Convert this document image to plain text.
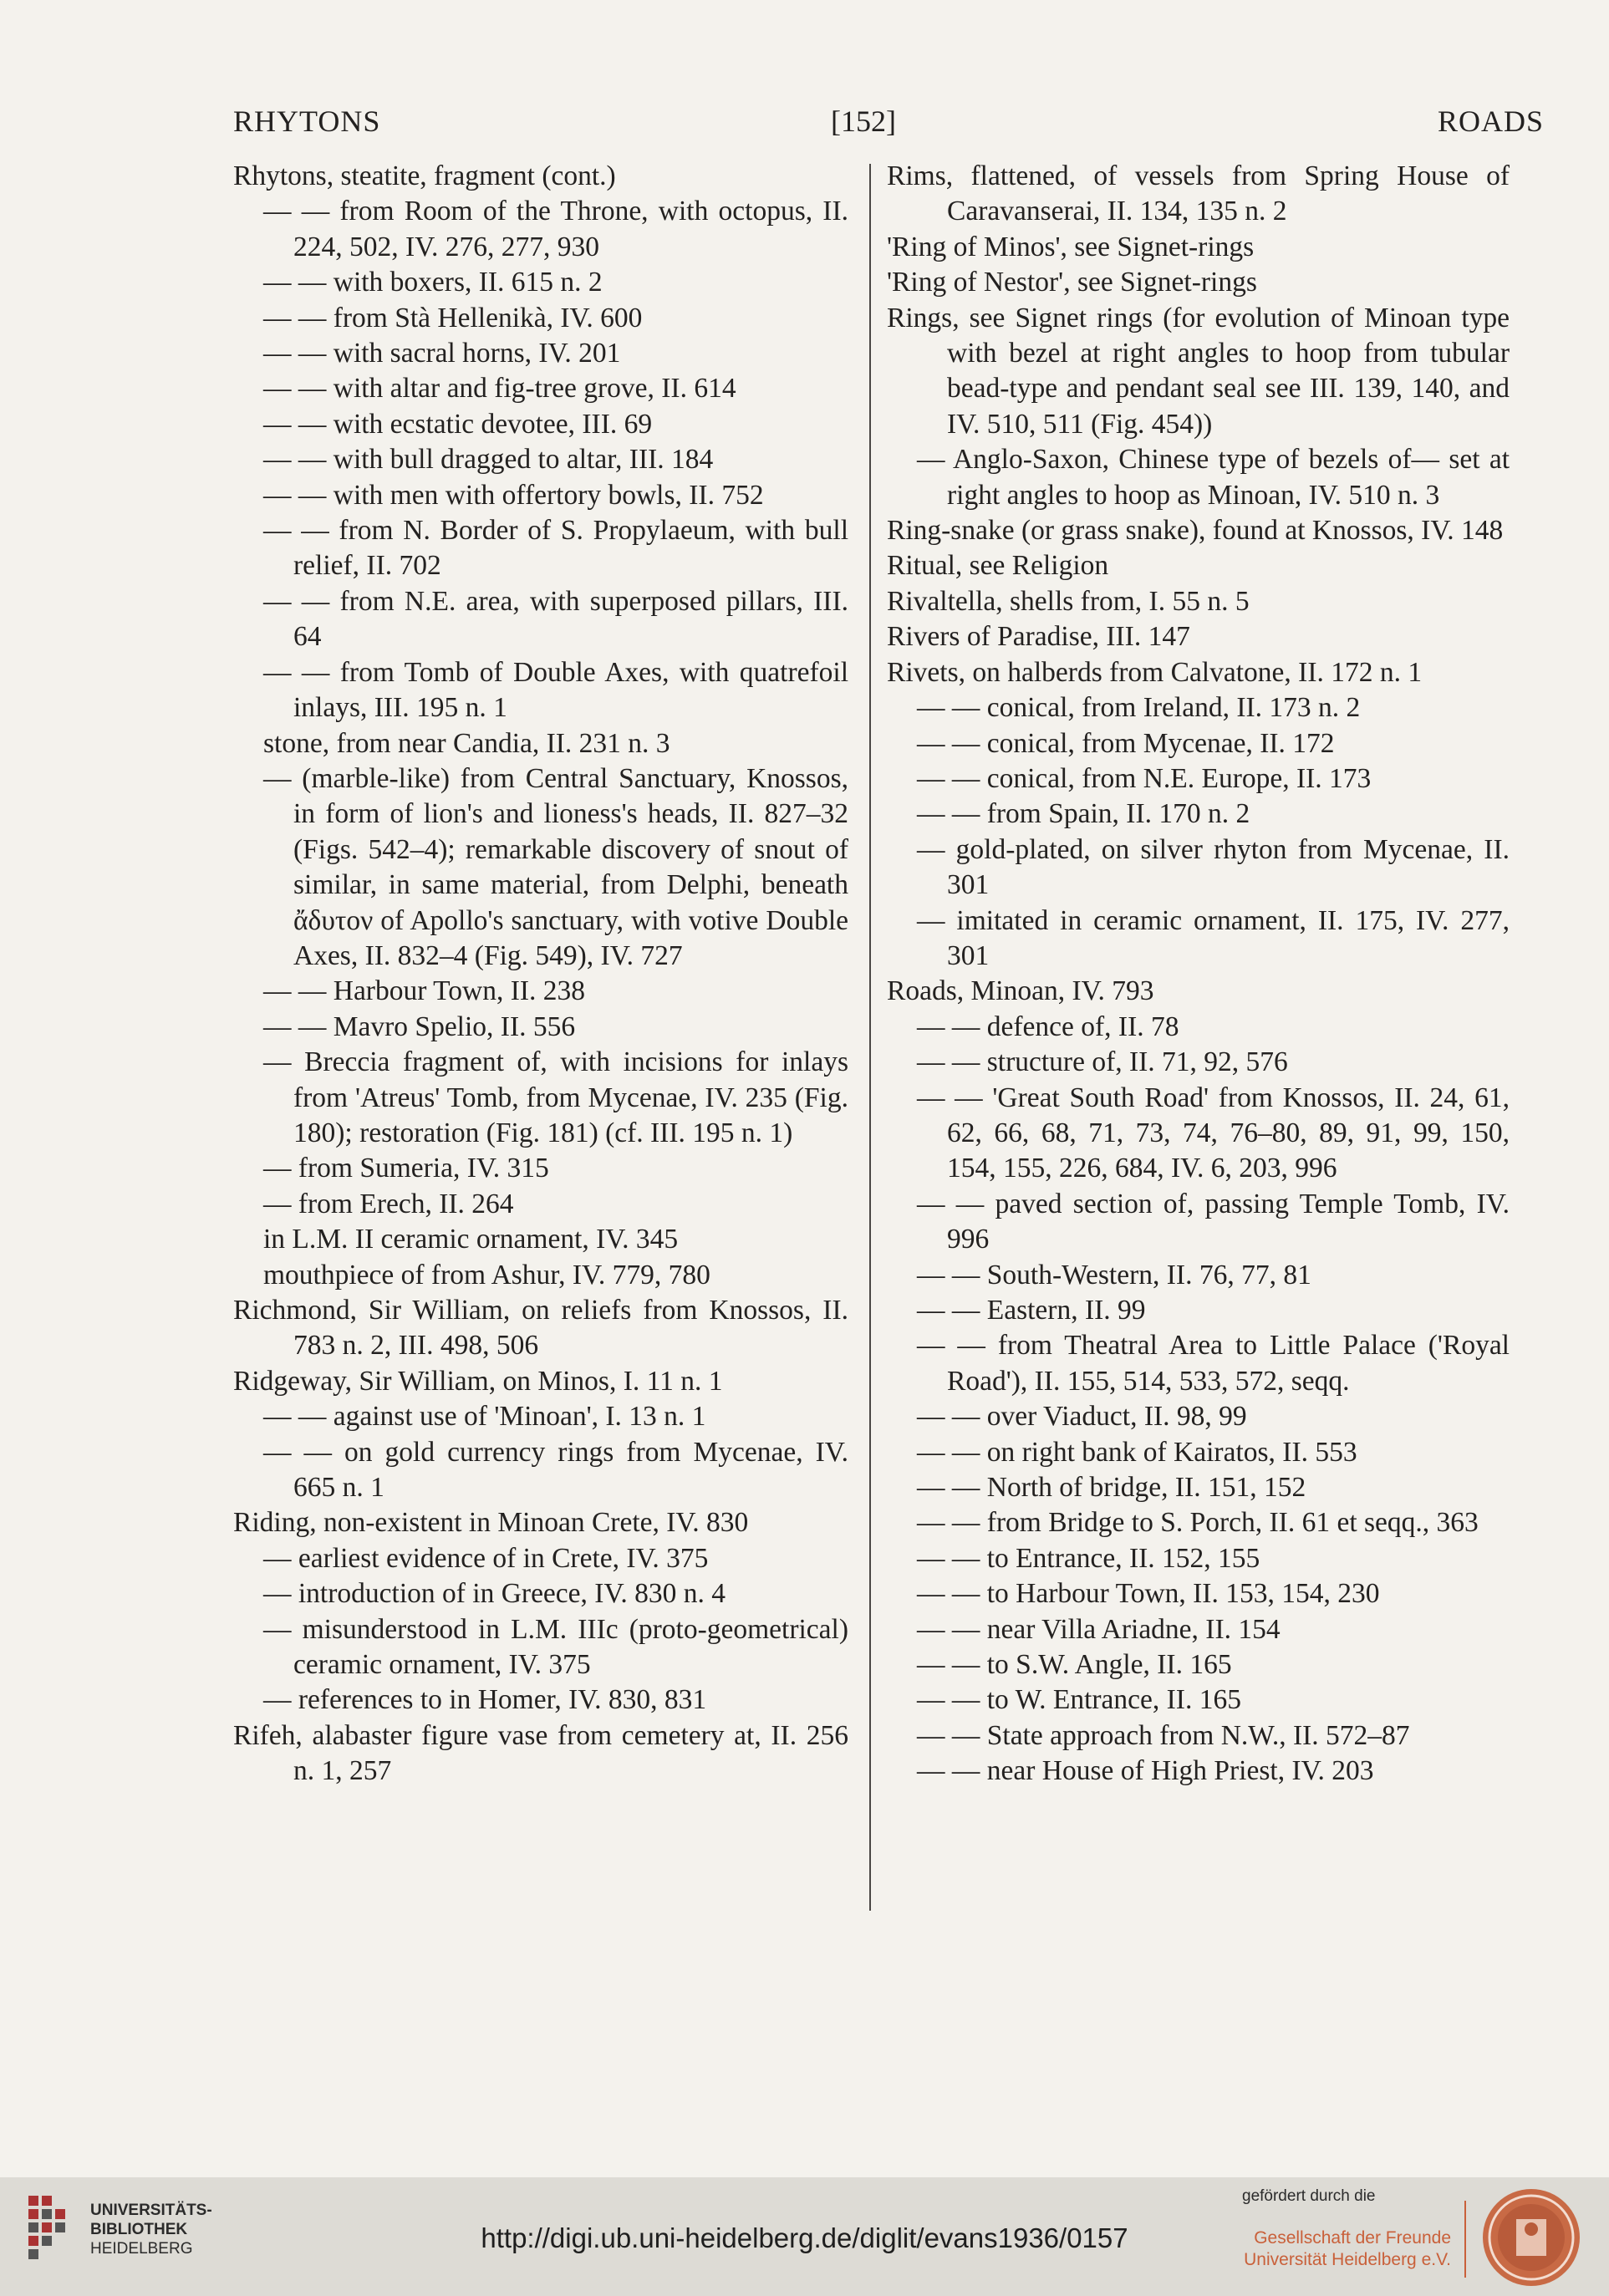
RHYTONS	[152]	ROADS
Rhytons, steatite, fragment (cont.)
— — from Room of the Throne, with octopus, II. 224, 502, IV. 276, 277, 930
— — with boxers, II. 615 n. 2
— — from Stà Hellenikà, IV. 600
— — with sacral horns, IV. 201
— — with altar and fig-tree grove, II. 614
— — with ecstatic devotee, III. 69
— — with bull dragged to altar, III. 184
— — with men with offertory bowls, II. 752
— — from N. Border of S. Propylaeum, with bull relief, II. 702
— — from N.E. area, with superposed pillars, III. 64
— — from Tomb of Double Axes, with quatrefoil inlays, III. 195 n. 1
stone, from near Candia, II. 231 n. 3
— (marble-like) from Central Sanctuary, Knossos, in form of lion's and lioness's heads, II. 827–32 (Figs. 542–4); remarkable discovery of snout of similar, in same material, from Delphi, beneath ἄδυτον of Apollo's sanctuary, with votive Double Axes, II. 832–4 (Fig. 549), IV. 727
— — Harbour Town, II. 238
— — Mavro Spelio, II. 556
— Breccia fragment of, with incisions for inlays from 'Atreus' Tomb, from Mycenae, IV. 235 (Fig. 180); restoration (Fig. 181) (cf. III. 195 n. 1)
— from Sumeria, IV. 315
— from Erech, II. 264
in L.M. II ceramic ornament, IV. 345
mouthpiece of from Ashur, IV. 779, 780
Richmond, Sir William, on reliefs from Knossos, II. 783 n. 2, III. 498, 506
Ridgeway, Sir William, on Minos, I. 11 n. 1
— — against use of 'Minoan', I. 13 n. 1
— — on gold currency rings from Mycenae, IV. 665 n. 1
Riding, non-existent in Minoan Crete, IV. 830
— earliest evidence of in Crete, IV. 375
— introduction of in Greece, IV. 830 n. 4
— misunderstood in L.M. IIIc (proto-geometrical) ceramic ornament, IV. 375
— references to in Homer, IV. 830, 831
Rifeh, alabaster figure vase from cemetery at, II. 256 n. 1, 257
Rims, flattened, of vessels from Spring House of Caravanserai, II. 134, 135 n. 2
'Ring of Minos', see Signet-rings
'Ring of Nestor', see Signet-rings
Rings, see Signet rings (for evolution of Minoan type with bezel at right angles to hoop from tubular bead-type and pendant seal see III. 139, 140, and IV. 510, 511 (Fig. 454))
— Anglo-Saxon, Chinese type of bezels of— set at right angles to hoop as Minoan, IV. 510 n. 3
Ring-snake (or grass snake), found at Knossos, IV. 148
Ritual, see Religion
Rivaltella, shells from, I. 55 n. 5
Rivers of Paradise, III. 147
Rivets, on halberds from Calvatone, II. 172 n. 1
— — conical, from Ireland, II. 173 n. 2
— — conical, from Mycenae, II. 172
— — conical, from N.E. Europe, II. 173
— — from Spain, II. 170 n. 2
— gold-plated, on silver rhyton from Mycenae, II. 301
— imitated in ceramic ornament, II. 175, IV. 277, 301
Roads, Minoan, IV. 793
— — defence of, II. 78
— — structure of, II. 71, 92, 576
— — 'Great South Road' from Knossos, II. 24, 61, 62, 66, 68, 71, 73, 74, 76–80, 89, 91, 99, 150, 154, 155, 226, 684, IV. 6, 203, 996
— — paved section of, passing Temple Tomb, IV. 996
— — South-Western, II. 76, 77, 81
— — Eastern, II. 99
— — from Theatral Area to Little Palace ('Royal Road'), II. 155, 514, 533, 572, seqq.
— — over Viaduct, II. 98, 99
— — on right bank of Kairatos, II. 553
— — North of bridge, II. 151, 152
— — from Bridge to S. Porch, II. 61 et seqq., 363
— — to Entrance, II. 152, 155
— — to Harbour Town, II. 153, 154, 230
— — near Villa Ariadne, II. 154
— — to S.W. Angle, II. 165
— — to W. Entrance, II. 165
— — State approach from N.W., II. 572–87
— — near House of High Priest, IV. 203
UNIVERSITÄTS-
BIBLIOTHEK
HEIDELBERG	http://digi.ub.uni-heidelberg.de/diglit/evans1936/0157
gefördert durch die
Gesellschaft der Freunde
Universität Heidelberg e.V.
